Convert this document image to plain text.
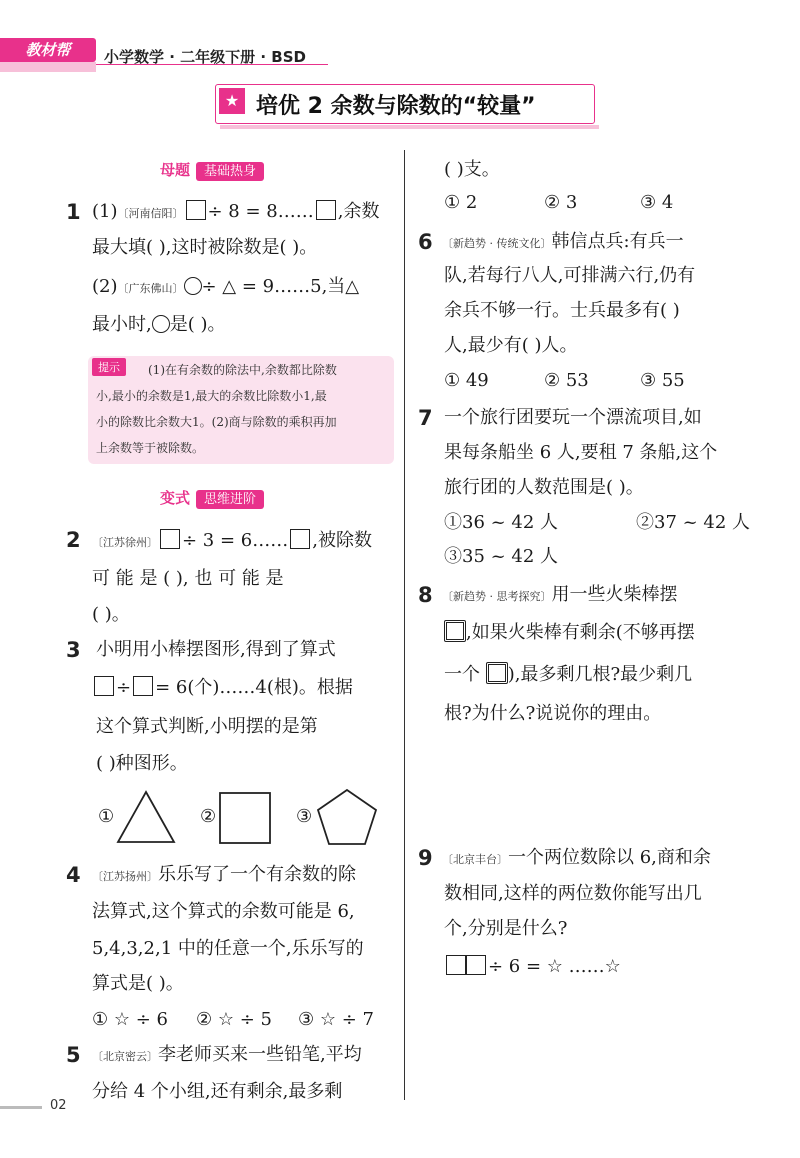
教材帮	小学数学 · 二年级下册 · BSD
★ 培优 2 余数与除数的“较量”
母题 基础热身
1 (1)〔河南信阳〕 ÷ 8 = 8…… ,余数
最大填( ),这时被除数是( )。
(2)〔广东佛山〕 ÷ △ = 9……5,当△
最小时, 是( )。
提示	(1)在有余数的除法中,余数都比除数
小,最小的余数是1,最大的余数比除数小1,最
小的除数比余数大1。(2)商与除数的乘积再加
上余数等于被除数。
变式 思维进阶
2 〔江苏徐州〕 ÷ 3 = 6…… ,被除数
可 能 是 ( ), 也 可 能 是
( )。
3 小明用小棒摆图形,得到了算式
÷ = 6(个)……4(根)。根据
这个算式判断,小明摆的是第
( )种图形。
①	②	③
4 〔江苏扬州〕乐乐写了一个有余数的除
法算式,这个算式的余数可能是 6,
5,4,3,2,1 中的任意一个,乐乐写的
算式是( )。
① ☆ ÷ 6 ② ☆ ÷ 5 ③ ☆ ÷ 7
5 〔北京密云〕李老师买来一些铅笔,平均
分给 4 个小组,还有剩余,最多剩
( )支。
① 2	② 3	③ 4
6 〔新趋势 · 传统文化〕韩信点兵:有兵一
队,若每行八人,可排满六行,仍有
余兵不够一行。士兵最多有( )
人,最少有( )人。
① 49	② 53	③ 55
7 一个旅行团要玩一个漂流项目,如
果每条船坐 6 人,要租 7 条船,这个
旅行团的人数范围是( )。
①36 ~ 42 人	②37 ~ 42 人
③35 ~ 42 人
8 〔新趋势 · 思考探究〕用一些火柴棒摆
,如果火柴棒有剩余(不够再摆
一个 ),最多剩几根?最少剩几
根?为什么?说说你的理由。
9 〔北京丰台〕一个两位数除以 6,商和余
数相同,这样的两位数你能写出几
个,分别是什么?
÷ 6 = ☆ ……☆
02
